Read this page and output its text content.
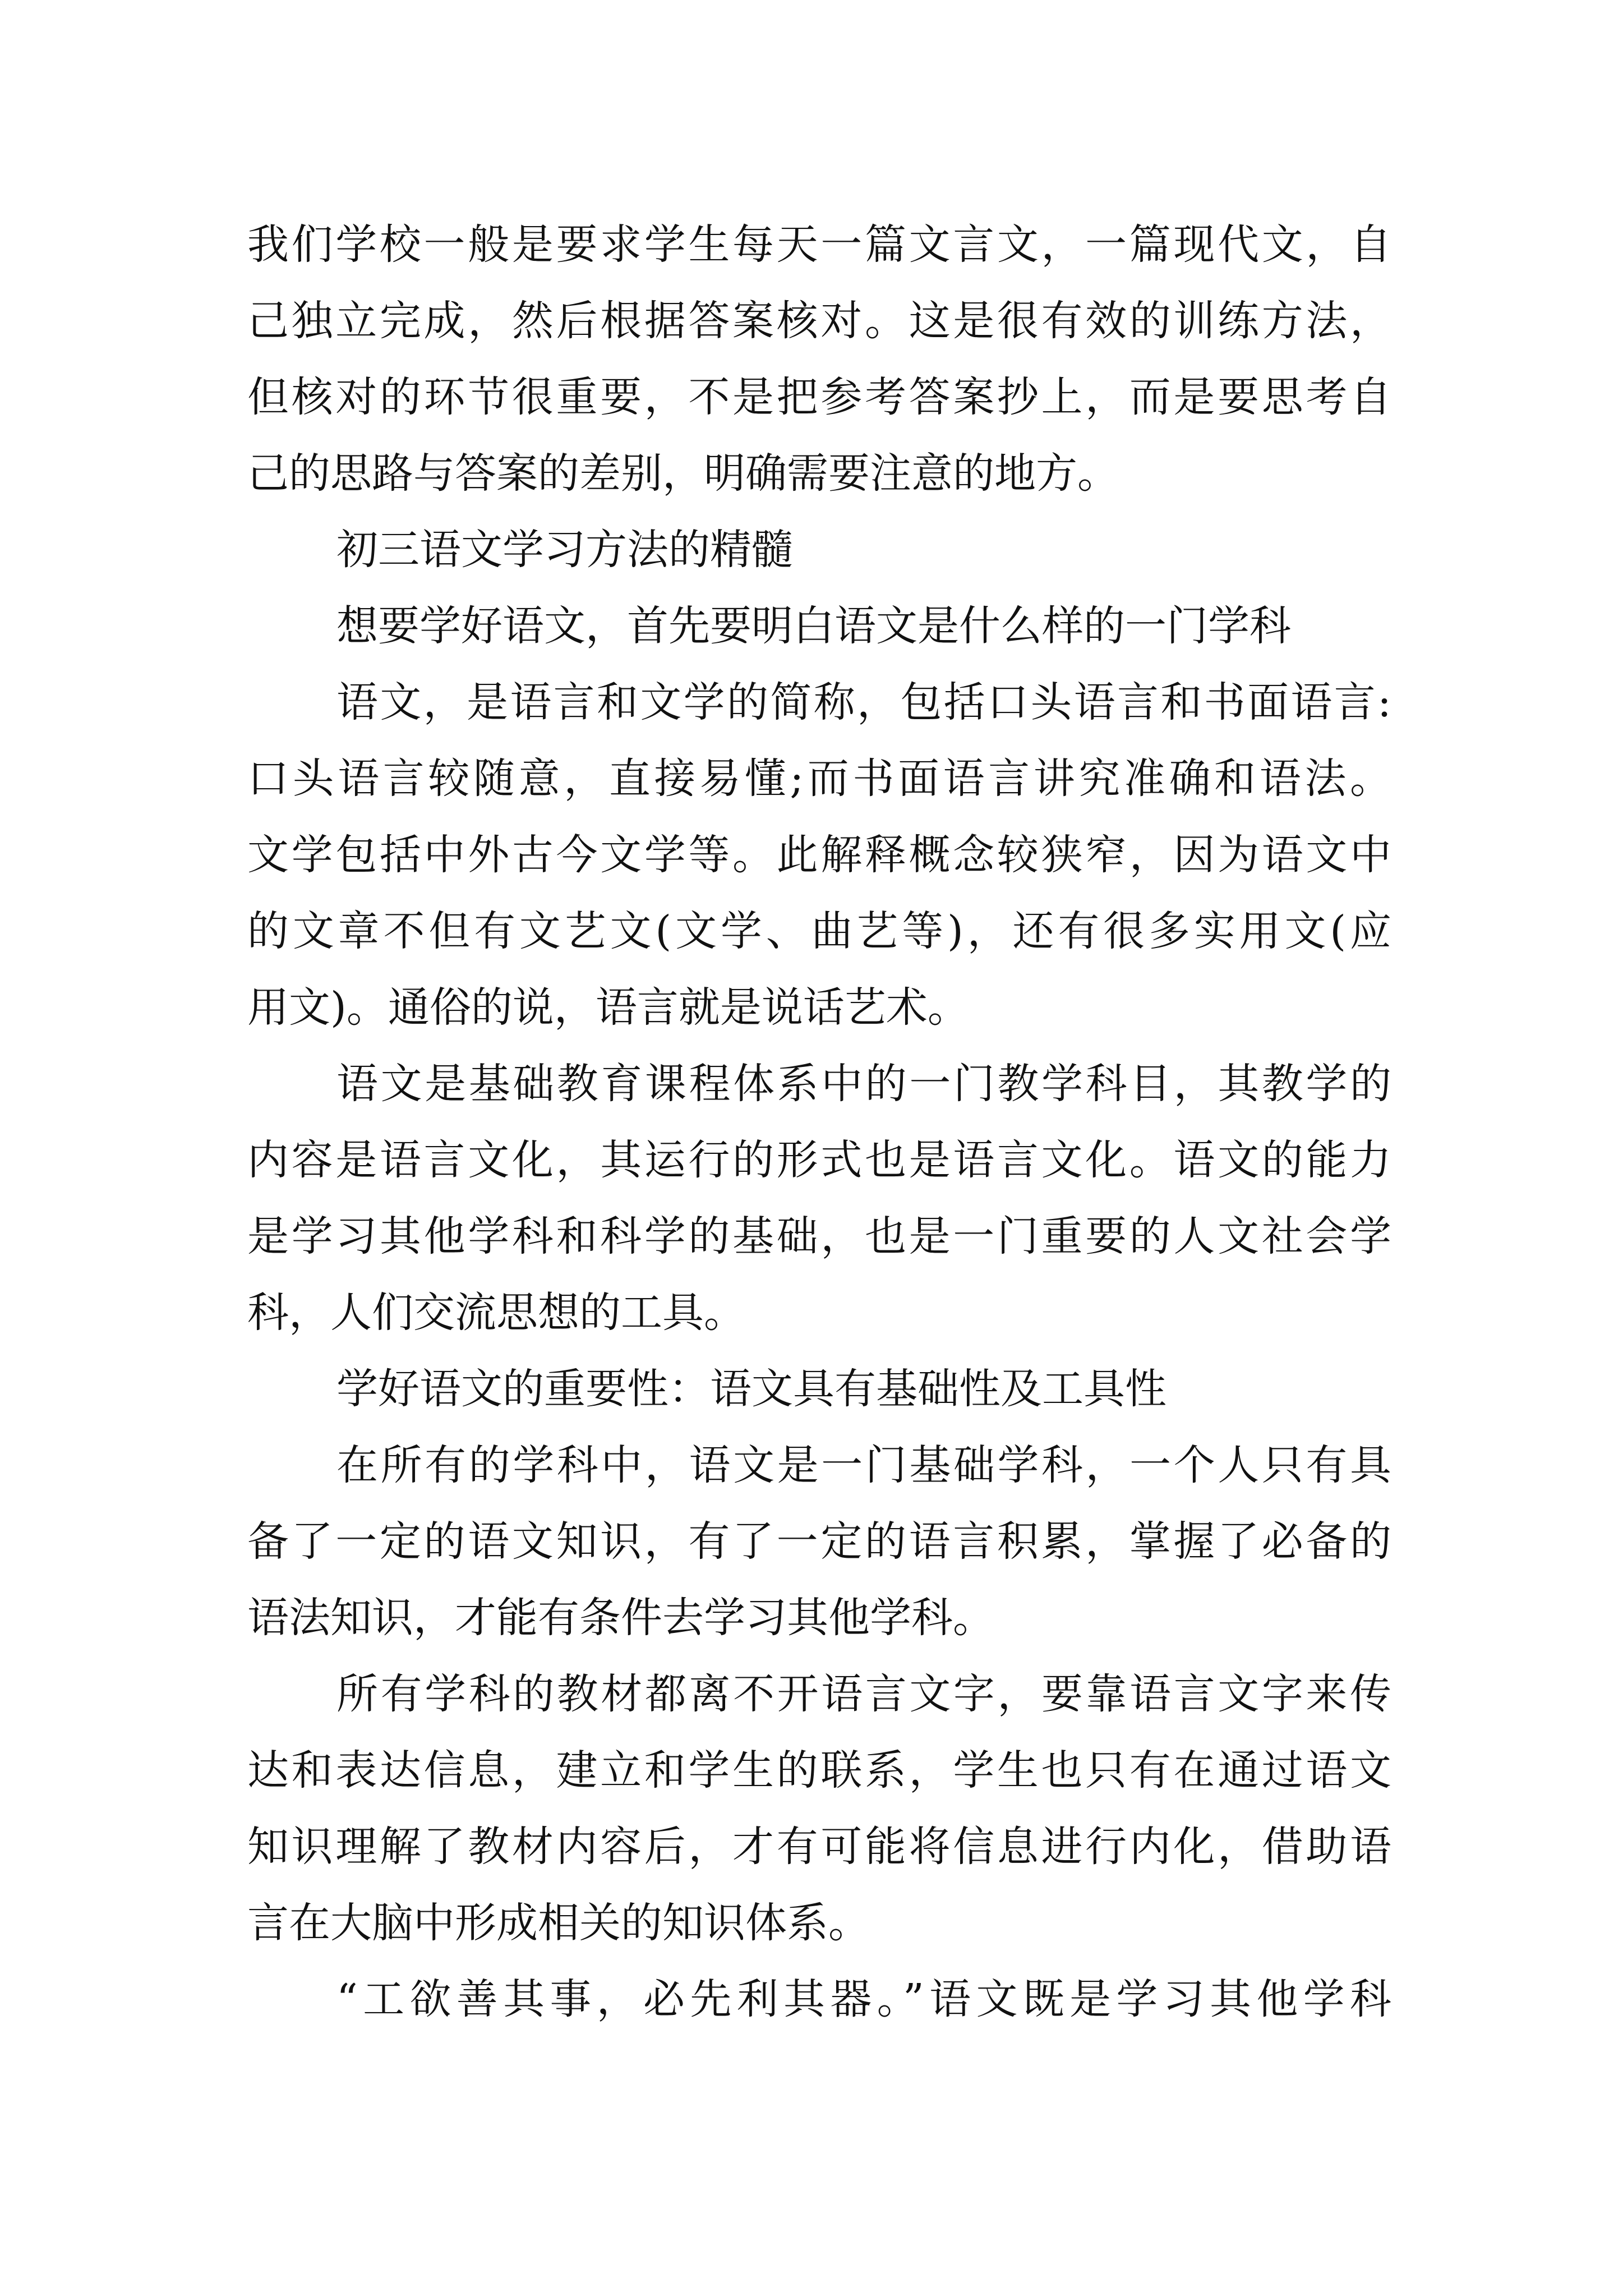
我们学校一般是要求学生每天一篇文言文，一篇现代文，自

己独立完成，然后根据答案核对。这是很有效的训练方法，

但核对的环节很重要，不是把参考答案抄上，而是要思考自

己的思路与答案的差别，明确需要注意的地方。

初三语文学习方法的精髓

想要学好语文，首先要明白语文是什么样的一门学科

语文，是语言和文学的简称，包括口头语言和书面语言:

口头语言较随意，直接易懂;而书面语言讲究准确和语法。

文学包括中外古今文学等。此解释概念较狭窄，因为语文中

的文章不但有文艺文(文学、曲艺等)，还有很多实用文(应

用文)。通俗的说，语言就是说话艺术。

语文是基础教育课程体系中的一门教学科目，其教学的

内容是语言文化，其运行的形式也是语言文化。语文的能力

是学习其他学科和科学的基础，也是一门重要的人文社会学

科，人们交流思想的工具。

学好语文的重要性：语文具有基础性及工具性

在所有的学科中，语文是一门基础学科，一个人只有具

备了一定的语文知识，有了一定的语言积累，掌握了必备的

语法知识，才能有条件去学习其他学科。

所有学科的教材都离不开语言文字，要靠语言文字来传

达和表达信息，建立和学生的联系，学生也只有在通过语文

知识理解了教材内容后，才有可能将信息进行内化，借助语

言在大脑中形成相关的知识体系。

“工欲善其事，必先利其器。”语文既是学习其他学科
